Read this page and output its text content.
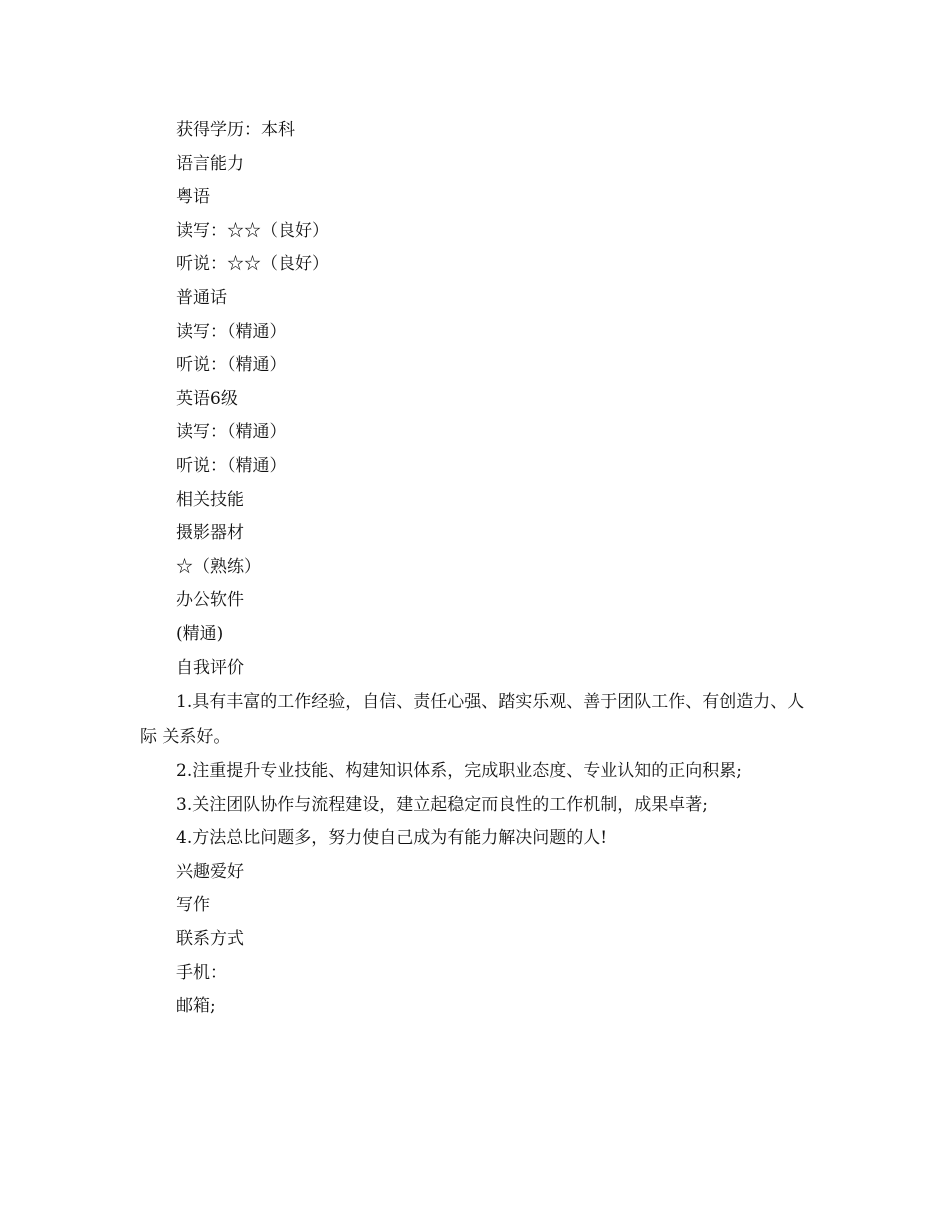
获得学历：本科

语言能力

粤语

读写：☆☆（良好）

听说：☆☆（良好）

普通话

读写：（精通）

听说：（精通）

英语6级

读写：（精通）

听说：（精通）

相关技能

摄影器材

☆（熟练）

办公软件

(精通)

自我评价

1.具有丰富的工作经验，自信、责任心强、踏实乐观、善于团队工作、有创造力、人际 关系好。

2.注重提升专业技能、构建知识体系，完成职业态度、专业认知的正向积累;

3.关注团队协作与流程建设，建立起稳定而良性的工作机制，成果卓著;

4.方法总比问题多，努力使自己成为有能力解决问题的人!

兴趣爱好

写作

联系方式

手机：

邮箱;
